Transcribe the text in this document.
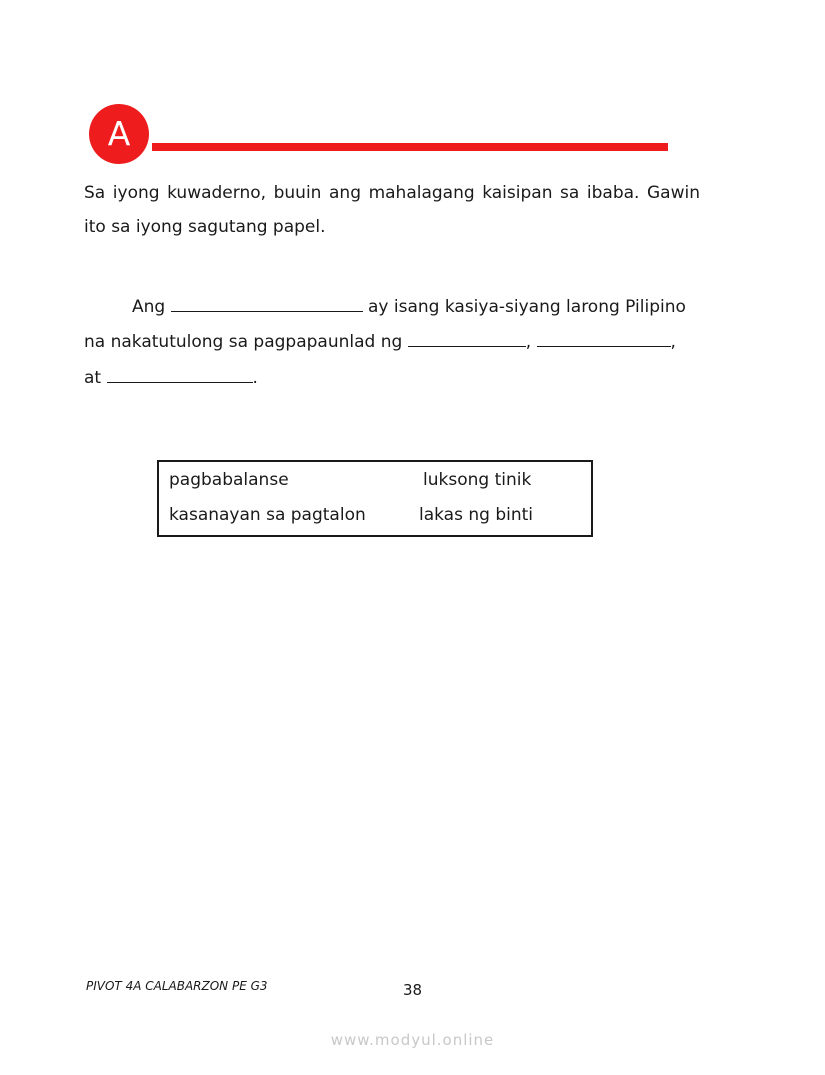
A
Sa iyong kuwaderno, buuin ang mahalagang kaisipan sa ibaba. Gawin ito sa iyong sagutang papel.
Ang	ay isang kasiya-siyang larong Pilipino
na nakatutulong sa pagpapaunlad ng	,	,
at	.
pagbabalanse	luksong tinik
kasanayan sa pagtalon	lakas ng binti
PIVOT 4A CALABARZON PE G3	38
www.modyul.online
